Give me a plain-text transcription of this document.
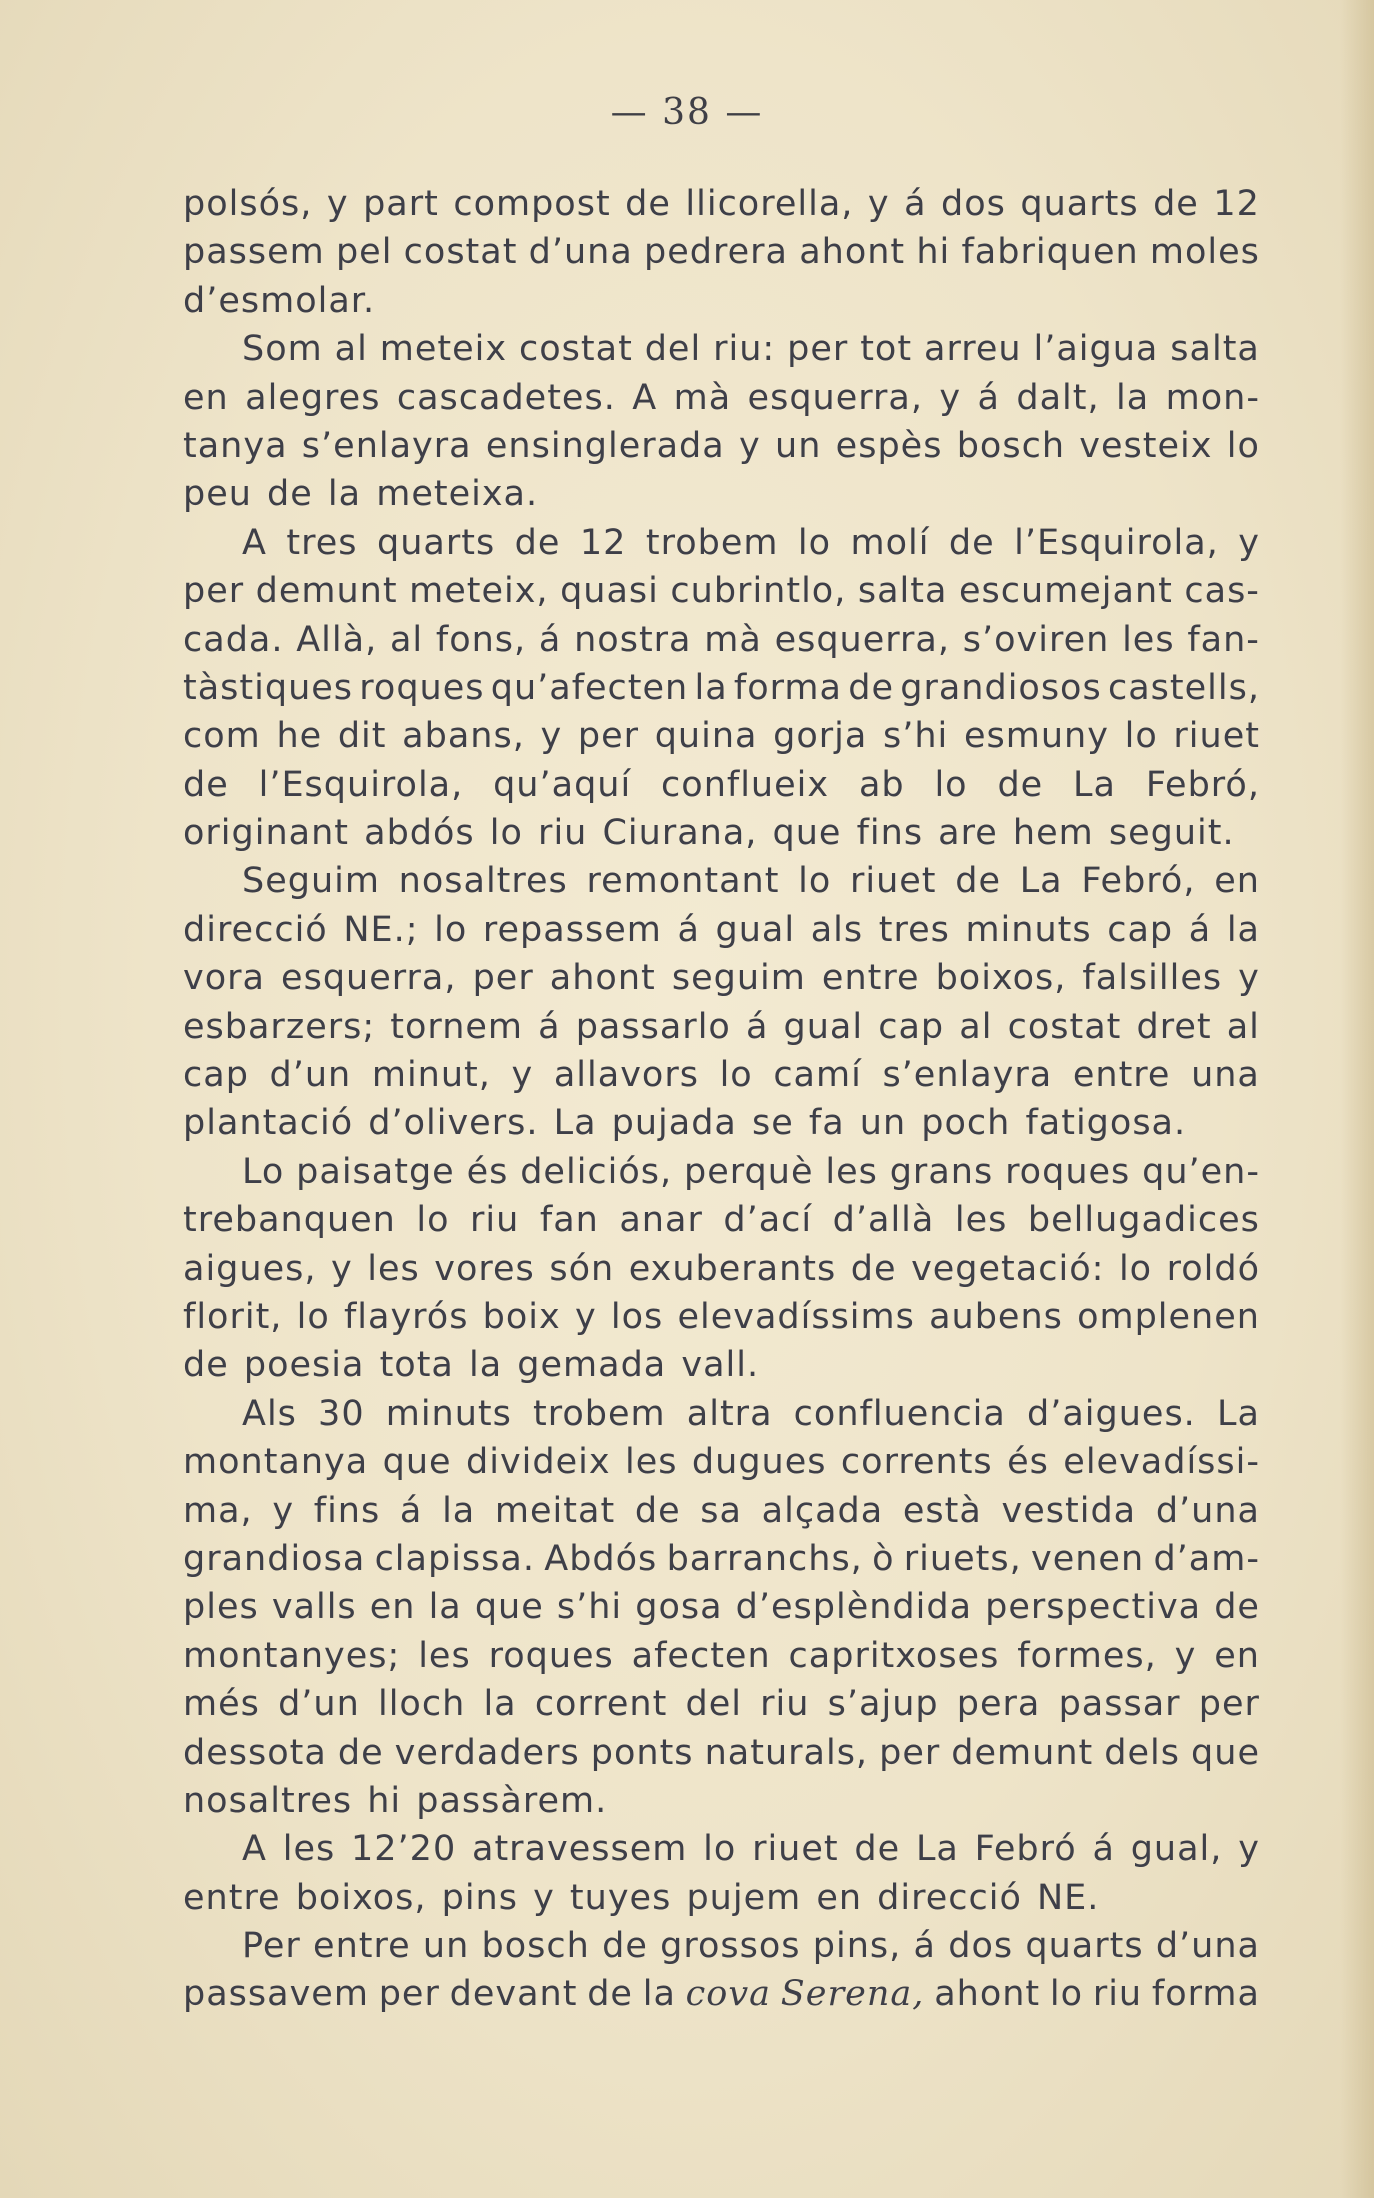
— 38 —
polsós, y part compost de llicorella, y á dos quarts de 12
passem pel costat d’una pedrera ahont hi fabriquen moles
d’esmolar.
Som al meteix costat del riu: per tot arreu l’aigua salta
en alegres cascadetes. A mà esquerra, y á dalt, la mon-
tanya s’enlayra ensinglerada y un espès bosch vesteix lo
peu de la meteixa.
A tres quarts de 12 trobem lo molí de l’Esquirola, y
per demunt meteix, quasi cubrintlo, salta escumejant cas-
cada. Allà, al fons, á nostra mà esquerra, s’oviren les fan-
tàstiques roques qu’afecten la forma de grandiosos castells,
com he dit abans, y per quina gorja s’hi esmuny lo riuet
de l’Esquirola, qu’aquí conflueix ab lo de La Febró,
originant abdós lo riu Ciurana, que fins are hem seguit.
Seguim nosaltres remontant lo riuet de La Febró, en
direcció NE.; lo repassem á gual als tres minuts cap á la
vora esquerra, per ahont seguim entre boixos, falsilles y
esbarzers; tornem á passarlo á gual cap al costat dret al
cap d’un minut, y allavors lo camí s’enlayra entre una
plantació d’olivers. La pujada se fa un poch fatigosa.
Lo paisatge és deliciós, perquè les grans roques qu’en-
trebanquen lo riu fan anar d’ací d’allà les bellugadices
aigues, y les vores són exuberants de vegetació: lo roldó
florit, lo flayrós boix y los elevadíssims aubens omplenen
de poesia tota la gemada vall.
Als 30 minuts trobem altra confluencia d’aigues. La
montanya que divideix les dugues corrents és elevadíssi-
ma, y fins á la meitat de sa alçada està vestida d’una
grandiosa clapissa. Abdós barranchs, ò riuets, venen d’am-
ples valls en la que s’hi gosa d’esplèndida perspectiva de
montanyes; les roques afecten capritxoses formes, y en
més d’un lloch la corrent del riu s’ajup pera passar per
dessota de verdaders ponts naturals, per demunt dels que
nosaltres hi passàrem.
A les 12’20 atravessem lo riuet de La Febró á gual, y
entre boixos, pins y tuyes pujem en direcció NE.
Per entre un bosch de grossos pins, á dos quarts d’una
passavem per devant de la cova Serena, ahont lo riu forma
